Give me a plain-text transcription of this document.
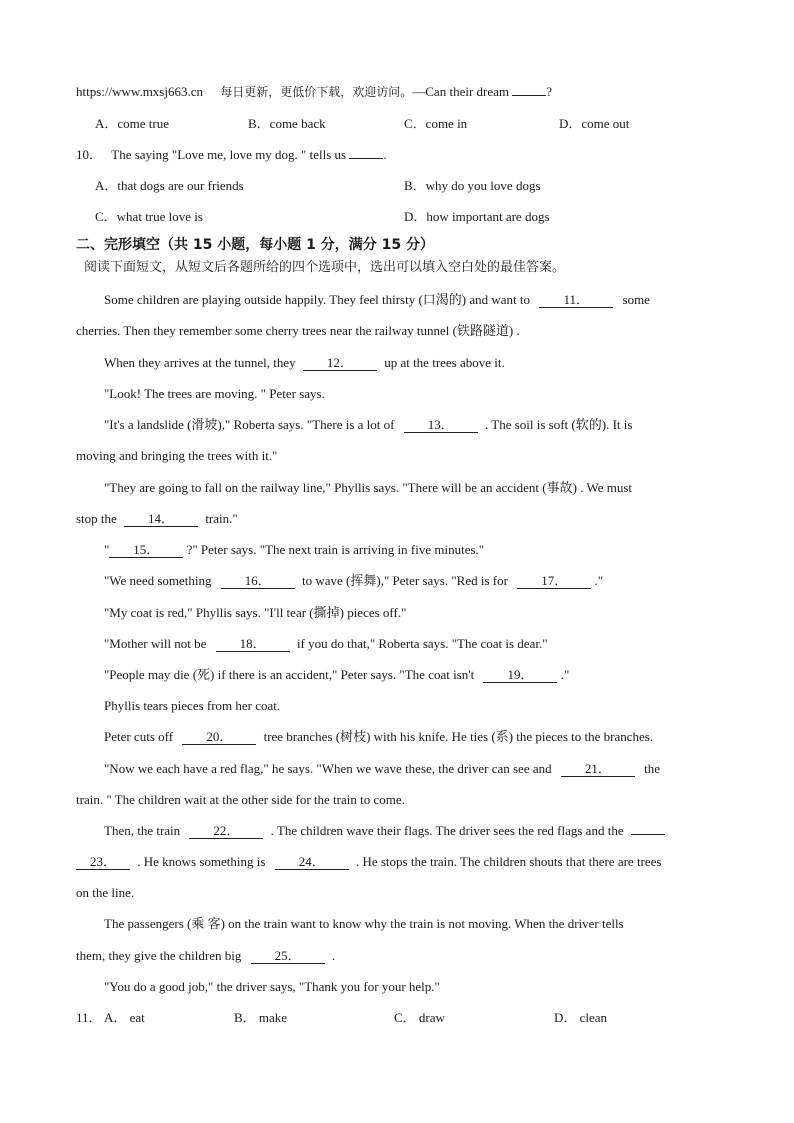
https://www.mxsj663.cn 每日更新，更低价下载，欢迎访问。—Can their dream	?
A．come true	B．come back	C．come in	D．come out
10． The saying "Love me, love my dog. " tells us	.
A．that dogs are our friends	B．why do you love dogs
C．what true love is	D．how important are dogs
二、完形填空（共 15 小题，每小题 1 分，满分 15 分）
阅读下面短文，从短文后各题所给的四个选项中，选出可以填入空白处的最佳答案。
Some children are playing outside happily. They feel thirsty (口渴的) and want to	11．	some
cherries. Then they remember some cherry trees near the railway tunnel (铁路隧道) .
When they arrives at the tunnel, they 12． up at the trees above it.
"Look! The trees are moving. " Peter says.
"It's a landslide (滑坡)," Roberta says. "There is a lot of	13． . The soil is soft (软的). It is
moving and bringing the trees with it."
"They are going to fall on the railway line," Phyllis says. "There will be an accident (事故) . We must
stop the 14． train."
" 15． ?" Peter says. "The next train is arriving in five minutes."
"We need something	16． to wave (挥舞)," Peter says. "Red is for	17． ."
"My coat is red," Phyllis says. "I'll tear (撕掉) pieces off."
"Mother will not be	18． if you do that," Roberta says. "The coat is dear."
"People may die (死) if there is an accident," Peter says. "The coat isn't	19． ."
Phyllis tears pieces from her coat.
Peter cuts off	20． tree branches (树枝) with his knife. He ties (系) the pieces to the branches.
"Now we each have a red flag," he says. "When we wave these, the driver can see and	21．	the
train. " The children wait at the other side for the train to come.
Then, the train	22． . The children wave their flags. The driver sees the red flags and the
23． . He knows something is	24． . He stops the train. The children shouts that there are trees
on the line.
The passengers (乘 客) on the train want to know why the train is not moving. When the driver tells
them, they give the children big	25． .
"You do a good job," the driver says, "Thank you for your help."
11． A． eat	B． make	C． draw	D． clean
